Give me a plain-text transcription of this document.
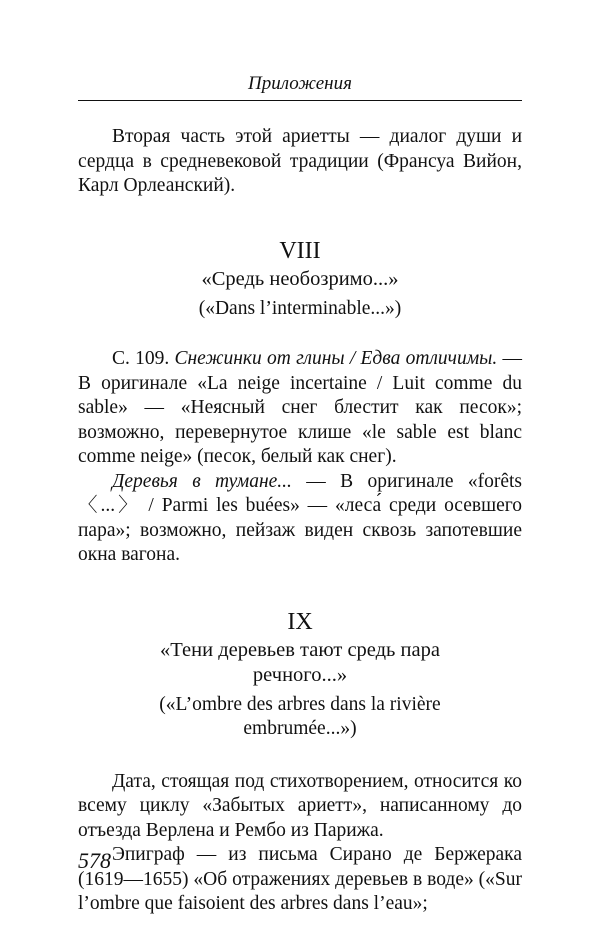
Приложения

Вторая часть этой ариетты — диалог души и сердца в средневековой традиции (Франсуа Вийон, Карл Орлеанский).

VIII

«Средь необозримо...»

(«Dans l’interminable...»)

С. 109. Снежинки от глины / Едва отличимы. — В оригинале «La neige incertaine / Luit comme du sable» — «Неясный снег блестит как песок»; возможно, перевернутое клише «le sable est blanc comme neige» (песок, белый как снег).

Деревья в тумане... — В оригинале «forêts 〈...〉 / Parmi les buées» — «леса́ среди осевшего пара»; возможно, пейзаж виден сквозь запотевшие окна вагона.

IX

«Тени деревьев тают средь пара

речного...»

(«L’ombre des arbres dans la rivière

embrumée...»)

Дата, стоящая под стихотворением, относится ко всему циклу «Забытых ариетт», написанному до отъезда Верлена и Рембо из Парижа.

Эпиграф — из письма Сирано де Бержерака (1619—1655) «Об отражениях деревьев в воде» («Sur l’ombre que faisoient des arbres dans l’eau»;

578
